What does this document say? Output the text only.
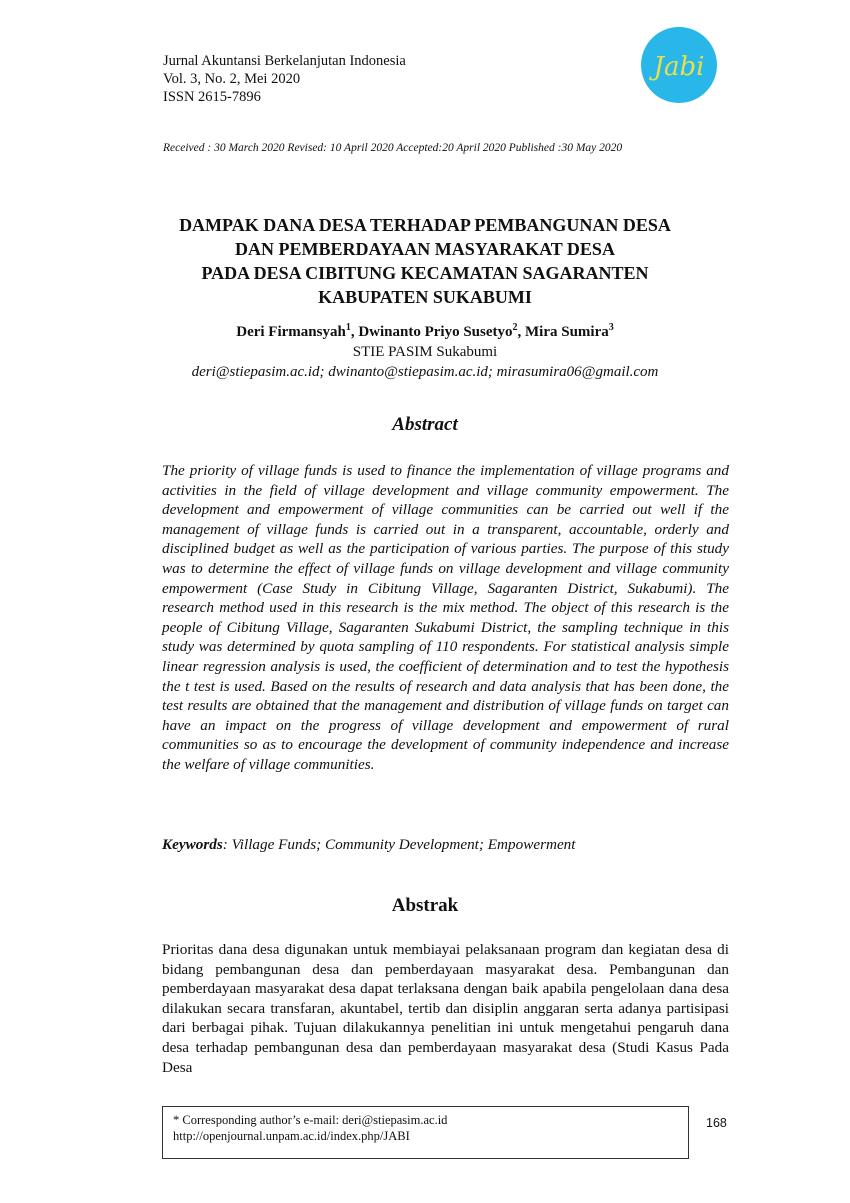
Jurnal Akuntansi Berkelanjutan Indonesia
Vol. 3, No. 2, Mei 2020
ISSN 2615-7896
Jabi
Received : 30 March 2020 Revised: 10 April 2020 Accepted:20 April 2020 Published :30 May 2020
DAMPAK DANA DESA TERHADAP PEMBANGUNAN DESA
DAN PEMBERDAYAAN MASYARAKAT DESA
PADA DESA CIBITUNG KECAMATAN SAGARANTEN
KABUPATEN SUKABUMI
Deri Firmansyah$^1$, Dwinanto Priyo Susetyo$^2$, Mira Sumira$^3$
STIE PASIM Sukabumi
deri@stiepasim.ac.id; dwinanto@stiepasim.ac.id; mirasumira06@gmail.com
Abstract
The priority of village funds is used to finance the implementation of village programs and activities in the field of village development and village community empowerment. The development and empowerment of village communities can be carried out well if the management of village funds is carried out in a transparent, accountable, orderly and disciplined budget as well as the participation of various parties. The purpose of this study was to determine the effect of village funds on village development and village community empowerment (Case Study in Cibitung Village, Sagaranten District, Sukabumi). The research method used in this research is the mix method. The object of this research is the people of Cibitung Village, Sagaranten Sukabumi District, the sampling technique in this study was determined by quota sampling of 110 respondents. For statistical analysis simple linear regression analysis is used, the coefficient of determination and to test the hypothesis the t test is used. Based on the results of research and data analysis that has been done, the test results are obtained that the management and distribution of village funds on target can have an impact on the progress of village development and empowerment of rural communities so as to encourage the development of community independence and increase the welfare of village communities.
Keywords: Village Funds; Community Development; Empowerment
Abstrak
Prioritas dana desa digunakan untuk membiayai pelaksanaan program dan kegiatan desa di bidang pembangunan desa dan pemberdayaan masyarakat desa. Pembangunan dan pemberdayaan masyarakat desa dapat terlaksana dengan baik apabila pengelolaan dana desa dilakukan secara transfaran, akuntabel, tertib dan disiplin anggaran serta adanya partisipasi dari berbagai pihak. Tujuan dilakukannya penelitian ini untuk mengetahui pengaruh dana desa terhadap pembangunan desa dan pemberdayaan masyarakat desa (Studi Kasus Pada Desa
* Corresponding author’s e-mail: deri@stiepasim.ac.id
http://openjournal.unpam.ac.id/index.php/JABI
168
